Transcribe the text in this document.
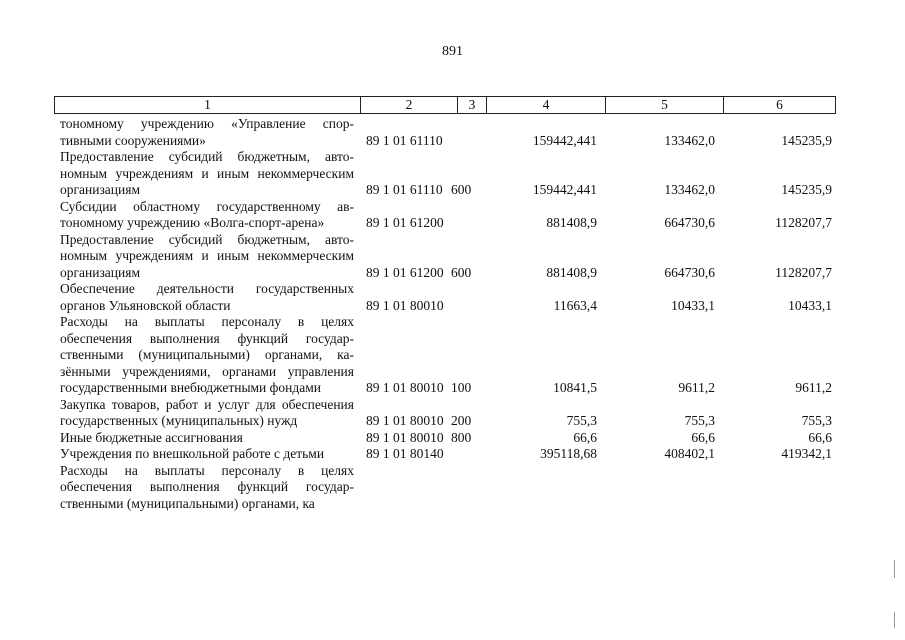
891
1	2	3	4	5	6
тономному учреждению «Управление спортивными сооружениями»	89 1 01 61110	159442,441	133462,0	145235,9
Предоставление субсидий бюджетным, автономным учреждениям и иным некоммерческим организациям	89 1 01 61110 600	159442,441	133462,0	145235,9
Субсидии областному государственному автономному учреждению «Волга-спорт-арена»	89 1 01 61200	881408,9	664730,6	1128207,7
Предоставление субсидий бюджетным, автономным учреждениям и иным некоммерческим организациям	89 1 01 61200 600	881408,9	664730,6	1128207,7
Обеспечение деятельности государственных органов Ульяновской области	89 1 01 80010	11663,4	10433,1	10433,1
Расходы на выплаты персоналу в целях обеспечения выполнения функций государственными (муниципальными) органами, казёнными учреждениями, органами управления государственными внебюджетными фондами	89 1 01 80010 100	10841,5	9611,2	9611,2
Закупка товаров, работ и услуг для обеспечения государственных (муниципальных) нужд	89 1 01 80010 200	755,3	755,3	755,3
Иные бюджетные ассигнования	89 1 01 80010 800	66,6	66,6	66,6
Учреждения по внешкольной работе с детьми	89 1 01 80140	395118,68	408402,1	419342,1
Расходы на выплаты персоналу в целях обеспечения выполнения функций государственными (муниципальными) органами, ка
